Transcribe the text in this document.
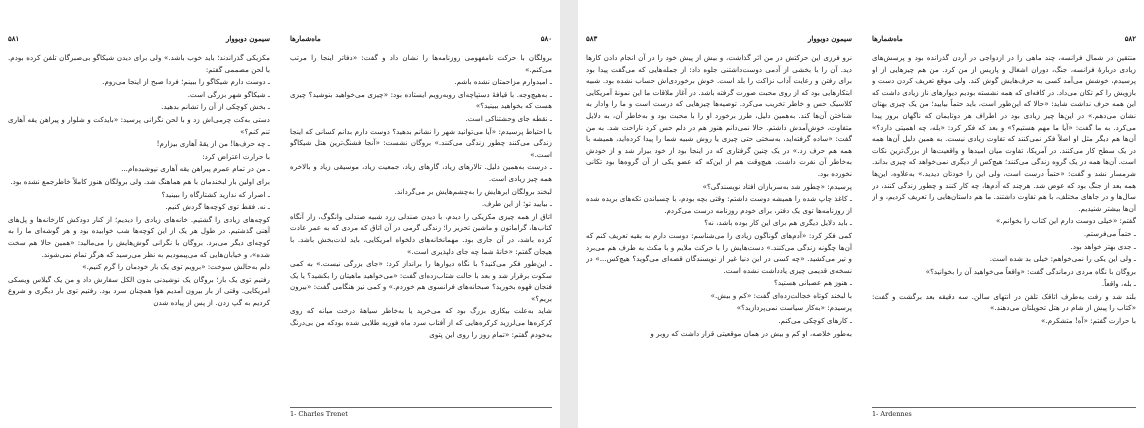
۵۸۱	سیمون دوبووار

مکزیکی گذراندند؛ باید خوب باشد.» ولی برای دیدن شیکاگو بی‌صبرگان تلفن کرده بودم. با لحن مصممی گفتم:

ـ دوست دارم شیکاگو را ببینم؛ فردا صبح از اینجا می‌روم.

ـ شیکاگو شهر بزرگی است.

ـ بخش کوچکی از آن را تشانم بدهید.

دستی به‌کت چرمی‌اش زد و با لحن نگرانی پرسید: «بایدکت و شلوار و پیراهن یقه آهاری تنم کنم؟»

ـ چه حرف‌ها! من از یقهٔ آهاری بیزارم!

با حرارت اعتراض کرد:

ـ من در تمام عمرم پیراهن یقه آهاری نپوشیده‌ام...

برای اولین بار لبخندمان با هم هماهنگ شد. ولی برولگان هنوز کاملاً خاطرجمع نشده بود.

ـ اصرار که ندارید کشتارگاه را ببینید؟

ـ نه. فقط توی کوچه‌ها گردش کنیم.

کوچه‌های زیادی را گشتیم. خانه‌های زیادی را دیدیم؛ از کنار دودکش کارخانه‌ها و پل‌های آهنی گذشتیم. در طول هر یک از این کوچه‌ها شب خوابیده بود و هر گوشه‌ای ما را به کوچه‌ای دیگر می‌برد. بروگان با نگرانی گوش‌هایش را می‌مالید: «همین حالا هم سخت شده»، و خیابان‌هایی که می‌پیمودیم به نظر می‌رسید که هرگز تمام نمی‌شوند.

دلم به‌حالش سوخت: «برویم توی یک بار خودمان را گرم کنیم.»

رفتیم توی یک بار؛ بروگان یک نوشیدنی بدون الکل سفارش داد و من یک گیلاس ویسکی امریکایی. وقتی از بار بیرون آمدیم هوا همچنان سرد بود. رفتیم توی بار دیگری و شروع کردیم به گپ زدن. از پس از پیاده شدن

ماه‌شمارها	۵۸۰

برولگان با حرکت نامفهومی روزنامه‌ها را نشان داد و گفت: «دفاتر اینجا را مرتب می‌کنم.»

ـ امیدوارم مزاحمتان نشده باشم.

ـ به‌هیچ‌وجه. با قیافهٔ دستپاچه‌ای روبه‌رویم ایستاده بود: «چیزی می‌خواهید بنوشید؟ چیزی هست که بخواهید ببینید؟»

ـ نقطه جای وحشتناکی است.

با احتیاط پرسیدم: «آیا می‌توانید شهر را نشانم بدهید؟ دوست دارم بدانم کسانی که اینجا زندگی می‌کنند چطور زندگی می‌کنند.» بروگان نشست: «آنجا فشنگ‌ترین هتل شیکاگو است.»

ـ درست به‌همین دلیل. تالارهای زیاد، گارهای زیاد، جمعیت زیاد، موسیقی زیاد و بالاخره همه چیز زیادی است.

لبخند برولگان ابرهایش را به‌چشم‌هایش بر می‌گرداند.

ـ بیایید تو؛ از این طرف.

اتاق از همه چیزی مکزیکی را دیدم، با دیدن صندلی زرد شبیه صندلی وانگوگ، زار آنگاه کتاب‌ها، گراماتون و ماشین تحریر را؛ زندگی گرمی در آن اتاق که مردی که به عمر عادت کرده باشد، در آن جاری بود. مهمانخانه‌های دلخواه امریکایی، باید لذت‌بخش باشد. با هیجان گفتم: «خانهٔ شما چه جای دلپذیری است.»

ـ این‌طور فکر می‌کنید؟ با نگاه دیوارها را برانداز کرد: «جای بزرگی نیست.» به کمی سکوت برقرار شد و بعد با حالت شتاب‌زده‌ای گفت: «می‌خواهید ماهیتان را بکشید؟ یا یک فنجان قهوه بخورید؟ صبحانه‌های فرانسوی هم خوردم.» و کمی نیز هنگامی گفت: «بیرون بریم؟»

شاید به‌علت بیکاری بزرگ بود که می‌خرید یا به‌خاطر سیاههٔ درخت میانه که روی کرکره‌ها می‌لرزید کرکره‌هایی که از آفتاب سرد ماه فوریه طلایی شده بودکه من بی‌درنگ به‌خودم گفتم: «تمام روز را روی این پتوی

1- Charles Trenet
۵۸۳	سیمون دوبووار

نرو فرزی این حرکتش در من اثر گذاشت، و بیش از پیش خود را در آن انجام دادن کارها دید. آن را با بخشی از آدمی دوست‌داشتنی جلوه داد: از جمله‌هایی که می‌گفت پیدا بود برای رفتن و رعایت آداب نزاکت را بلد است. خوش برخوردی‌اش حساب نشده بود. شبیه ابتکارهایی بود که از روی محبت صورت گرفته باشد. در آغاز ملاقات ما این نمونهٔ آمریکایی کلاسیک حس و خاطر تخریب می‌کرد. توصیه‌ها چیزهایی که درست است و ما را وادار به شناختن آن‌ها کند. به‌همین دلیل، طرز برخورد او را با محبت بود و به‌خاطر آن، به دلایل متفاوت، خوش‌آمدش داشتم. حالا نمی‌دانم هنوز هم در دلم حس کرد ناراحت شد. به من گفت: «ساده گرفته‌اید، به‌سختی حتی چیزی یا روش شبیه شما را پیدا کرده‌اید، همیشه با همه هم حرف زد.» در یک چنین گرفتاری که در اینجا بود از خود بیزار شد و از خودش به‌خاطر آن نفرت داشت. هیچ‌وقت هم از این‌که که عضو یکی از آن گروه‌ها بود تکانی نخورده بود.

پرسیدم: «چطور شد به‌سربازان افتاد نویسندگی؟»

ـ کاغذ چاپ شده را همیشه دوست داشتم: وقتی بچه بودم، با چسباندن تکه‌های بریده شده از روزنامه‌ها توی یک دفتر، برای خودم روزنامه درست می‌کردم.

ـ باید دلایل دیگری هم برای این کار بوده باشد، نه؟

کمی فکر کرد: «آدم‌های گوناگون زیادی را می‌شناسم: دوست دارم به بقیه تعریف کنم که آن‌ها چگونه زندگی می‌کنند.» دست‌هایش را با حرکت ملایم و با مکث به طرف هم می‌برد و تیر می‌کشید. «چه کسی در این دنیا غیر از نویسندگان قصه‌ای می‌گوید؟ هیچ‌کس...» در نسخه‌ی قدیمی چیزی یادداشت نشده است.

ـ هنوز هم عصبانی هستید؟

با لبخند کوتاه خجالت‌زده‌ای گفت: «کم و بیش.»

پرسیدم: «به‌کار سیاست نمی‌پردازید؟»

ـ کارهای کوچکی می‌کنم.

به‌طور خلاصه، او کم و بیش در همان موقعیتی قرار داشت که روبر و

ماه‌شمارها	۵۸۲

منتقین در شمال فرانسه، چند ماهی را در ازدواجی در آردن گذرانده بود و پرسش‌های زیادی دربارهٔ فرانسه، جنگ، دوران اشغال و پاریس از من کرد. من هم چیزهایی از او پرسیدم، خوشش می‌آمد کسی به حرف‌هایش گوش کند. ولی موقع تعریف کردن دست و بازویش را کم تکان می‌داد. در کافه‌ای که همه نشسته بودیم دیوارهای ناز زیادی داشت که این همه حرف نداشت شاید: «حالا که این‌طور است، باید حتماً بیایید؛ من یک چیزی بهتان نشان می‌دهم.» در این‌ها چیز زیادی بود در اطراف هر دوتایمان که ناگهان بروز پیدا می‌کرد. به ما گفت: «آیا ما مهم هستیم؟» و بعد که فکر کرد: «بله، چه اهمیتی دارد؟» آن‌ها هم دیگر مثل او اصلاً فکر نمی‌کنند که تفاوت زیادی نیست. به همین دلیل آن‌ها همه در یک سطح کار می‌کنند. در آمریکا، تفاوت میان امیدها و واقعیت‌ها از بزرگ‌ترین نکات است. آن‌ها همه در یک گروه زندگی می‌کنند؛ هیچ‌کس از دیگری نمی‌خواهد که چیزی بداند. شرمسار نشد و گفت: «حتماً درست است، ولی این را خودتان دیدید.» به‌علاوه، این‌ها همه بعد از جنگ بود که عوض شد. هرچند که آدم‌ها، چه کار کنند و چطور زندگی کنند، در سال‌ها و در جاهای مختلف، با هم تفاوت داشتند. ما هم داستان‌هایی را تعریف کردیم، و از آن‌ها بیشتر شنیدیم.

گفتم: «خیلی دوست دارم این کتاب را بخوانم.»

ـ حتماً می‌فرستم.

ـ جدی بهتر خواهد بود.

ـ ولی این یکی را نمی‌خواهم: خیلی بد شده است.

بروگان با نگاه مردی درماندگی گفت: «واقعاً می‌خواهید آن را بخوانید؟»

ـ بله، واقعاً.

بلند شد و رفت به‌طرف اتاقک تلفن در انتهای سالن. سه دقیقه بعد برگشت و گفت: «کتاب را پیش از شام در هتل تحویلتان می‌دهند.»

با حرارت گفتم: «آه! متشکرم.»

1- Ardennes
